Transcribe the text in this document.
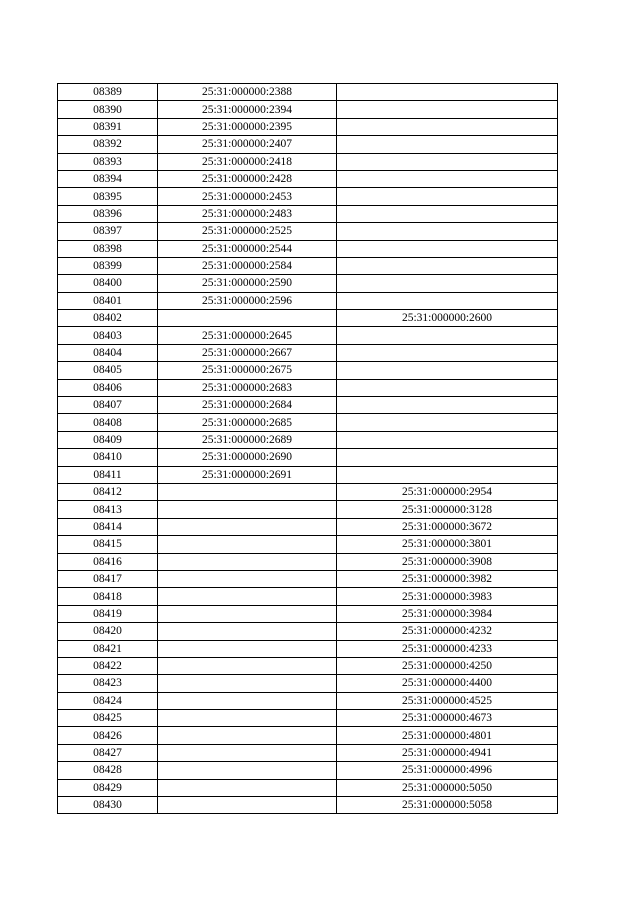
08389	25:31:000000:2388	
08390	25:31:000000:2394	
08391	25:31:000000:2395	
08392	25:31:000000:2407	
08393	25:31:000000:2418	
08394	25:31:000000:2428	
08395	25:31:000000:2453	
08396	25:31:000000:2483	
08397	25:31:000000:2525	
08398	25:31:000000:2544	
08399	25:31:000000:2584	
08400	25:31:000000:2590	
08401	25:31:000000:2596	
08402		25:31:000000:2600
08403	25:31:000000:2645	
08404	25:31:000000:2667	
08405	25:31:000000:2675	
08406	25:31:000000:2683	
08407	25:31:000000:2684	
08408	25:31:000000:2685	
08409	25:31:000000:2689	
08410	25:31:000000:2690	
08411	25:31:000000:2691	
08412		25:31:000000:2954
08413		25:31:000000:3128
08414		25:31:000000:3672
08415		25:31:000000:3801
08416		25:31:000000:3908
08417		25:31:000000:3982
08418		25:31:000000:3983
08419		25:31:000000:3984
08420		25:31:000000:4232
08421		25:31:000000:4233
08422		25:31:000000:4250
08423		25:31:000000:4400
08424		25:31:000000:4525
08425		25:31:000000:4673
08426		25:31:000000:4801
08427		25:31:000000:4941
08428		25:31:000000:4996
08429		25:31:000000:5050
08430		25:31:000000:5058
